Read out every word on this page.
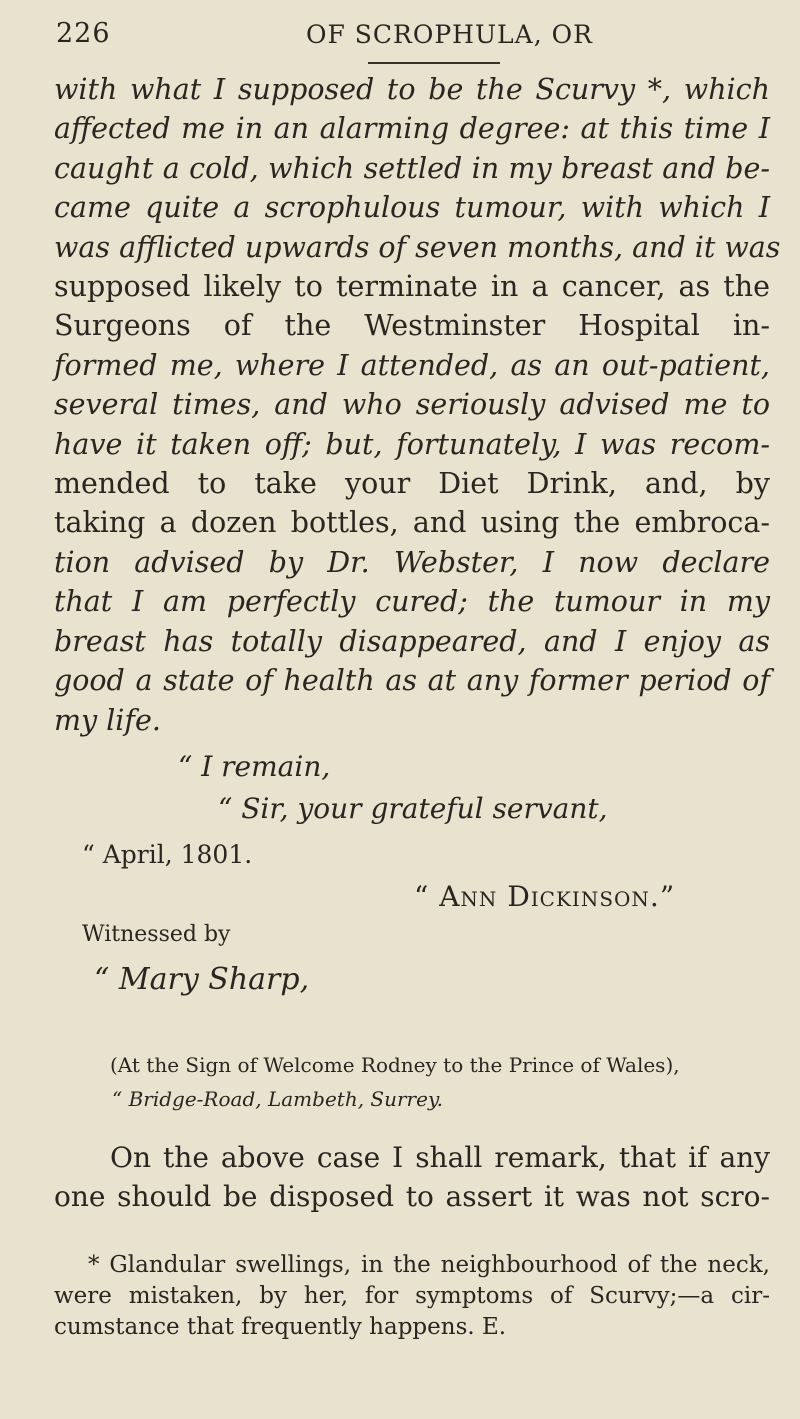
226	OF SCROPHULA, OR
with what I supposed to be the Scurvy *, which
affected me in an alarming degree: at this time I
caught a cold, which settled in my breast and be-
came quite a scrophulous tumour, with which I
was afflicted upwards of seven months, and it was
supposed likely to terminate in a cancer, as the
Surgeons of the Westminster Hospital in-
formed me, where I attended, as an out-patient,
several times, and who seriously advised me to
have it taken off; but, fortunately, I was recom-
mended to take your Diet Drink, and, by
taking a dozen bottles, and using the embroca-
tion advised by Dr. Webster, I now declare
that I am perfectly cured; the tumour in my
breast has totally disappeared, and I enjoy as
good a state of health as at any former period of
my life.
“ I remain,
“ Sir, your grateful servant,
“ April, 1801.
“ Ann Dickinson.”
Witnessed by
“ Mary Sharp,
(At the Sign of Welcome Rodney to the Prince of Wales),
“ Bridge-Road, Lambeth, Surrey.
On the above case I shall remark, that if any
one should be disposed to assert it was not scro-
* Glandular swellings, in the neighbourhood of the neck,
were mistaken, by her, for symptoms of Scurvy;—a cir-
cumstance that frequently happens. E.
